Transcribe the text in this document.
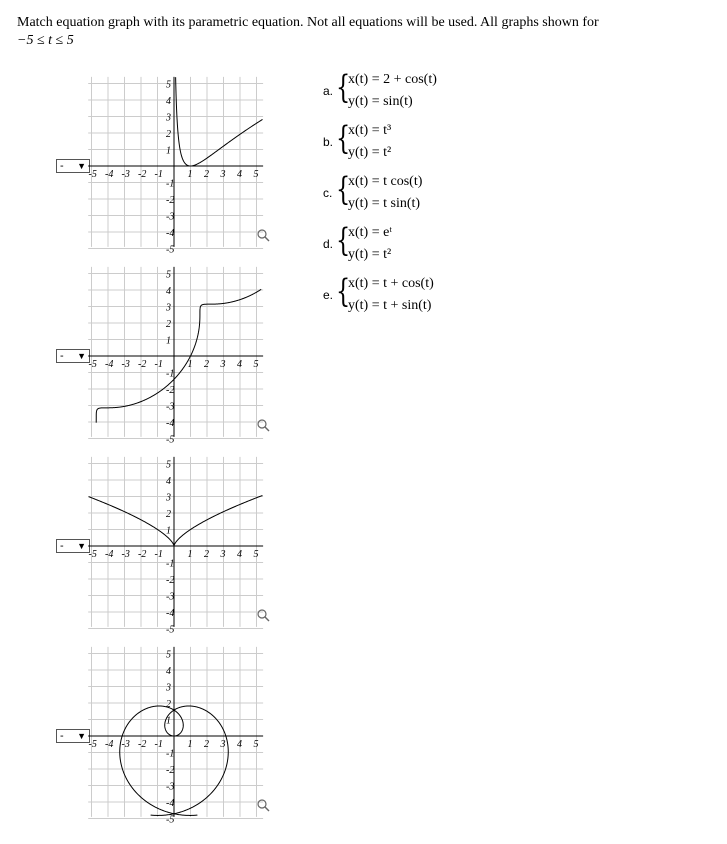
Match equation graph with its parametric equation. Not all equations will be used. All graphs shown for
−5 ≤ t ≤ 5
- ▼
-5 -4 -3 -2 -1 1 2 3 4 5
5
4
3
2
1
-1
-2
-3
-4
-5
- ▼
-5 -4 -3 -2 -1 1 2 3 4 5
5
4
3
2
1
-1
-2
-3
-4
-5
- ▼
-5 -4 -3 -2 -1 1 2 3 4 5
5
4
3
2
1
-1
-2
-3
-4
-5
- ▼
-5 -4 -3 -2 -1 1 2 3 4 5
5
4
3
2
1
-1
-2
-3
-4
-5
a. {
x(t) = 2 + cos(t)
y(t) = sin(t)
b. {
x(t) = t³
y(t) = t²
c. {
x(t) = t cos(t)
y(t) = t sin(t)
d. {
x(t) = eᵗ
y(t) = t²
e. {
x(t) = t + cos(t)
y(t) = t + sin(t)
